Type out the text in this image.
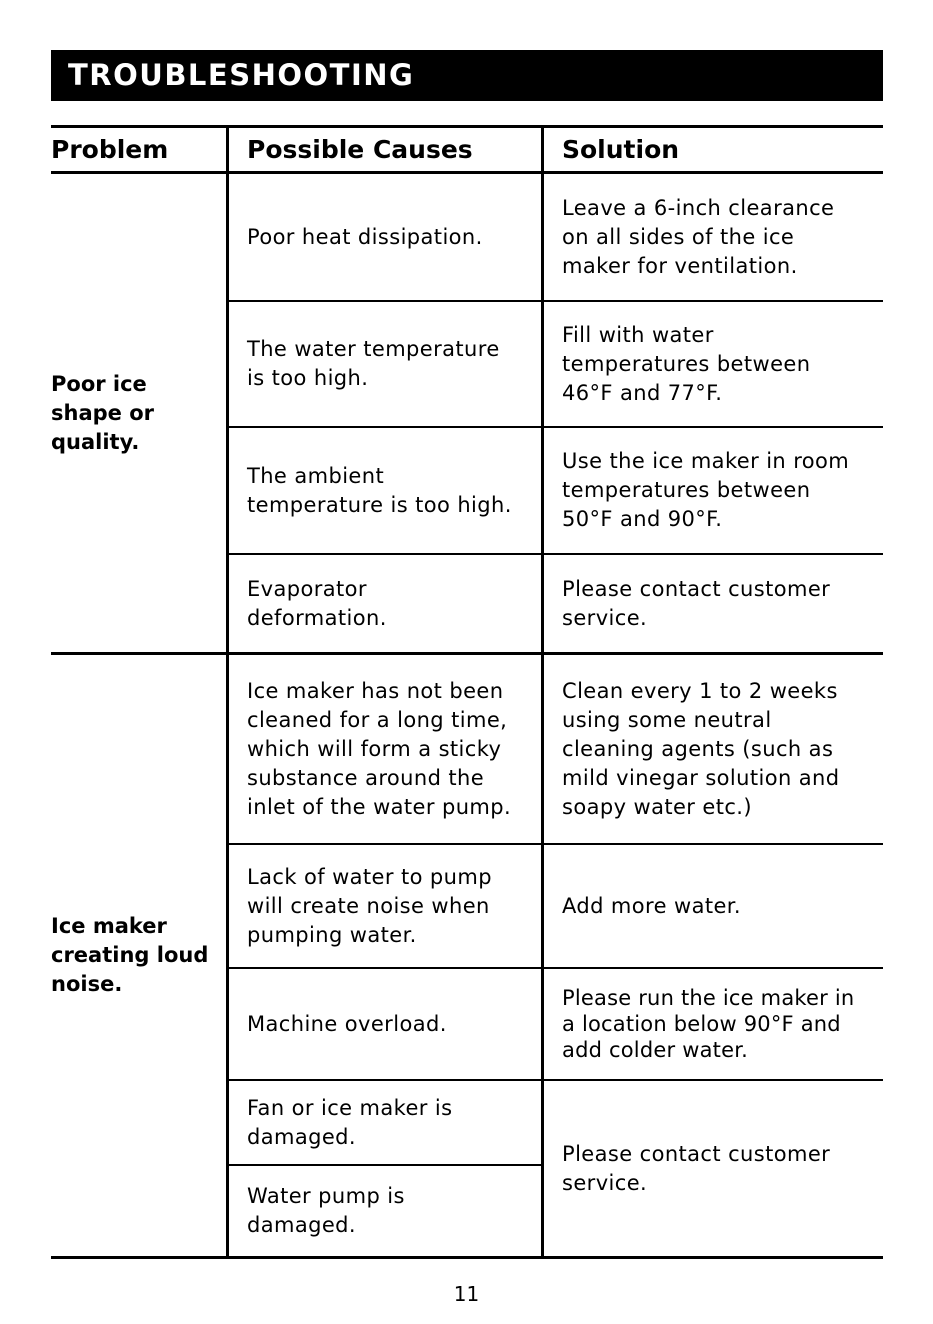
TROUBLESHOOTING
Problem	Possible Causes	Solution
Poor ice
shape or
quality.
Poor heat dissipation.
Leave a 6-inch clearance
on all sides of the ice
maker for ventilation.
The water temperature
is too high.
Fill with water
temperatures between
46°F and 77°F.
The ambient
temperature is too high.
Use the ice maker in room
temperatures between
50°F and 90°F.
Evaporator
deformation.
Please contact customer
service.
Ice maker
creating loud
noise.
Ice maker has not been
cleaned for a long time,
which will form a sticky
substance around the
inlet of the water pump.
Clean every 1 to 2 weeks
using some neutral
cleaning agents (such as
mild vinegar solution and
soapy water etc.)
Lack of water to pump
will create noise when
pumping water.
Add more water.
Machine overload.
Please run the ice maker in
a location below 90°F and
add colder water.
Fan or ice maker is
damaged.
Water pump is
damaged.
Please contact customer
service.
11
